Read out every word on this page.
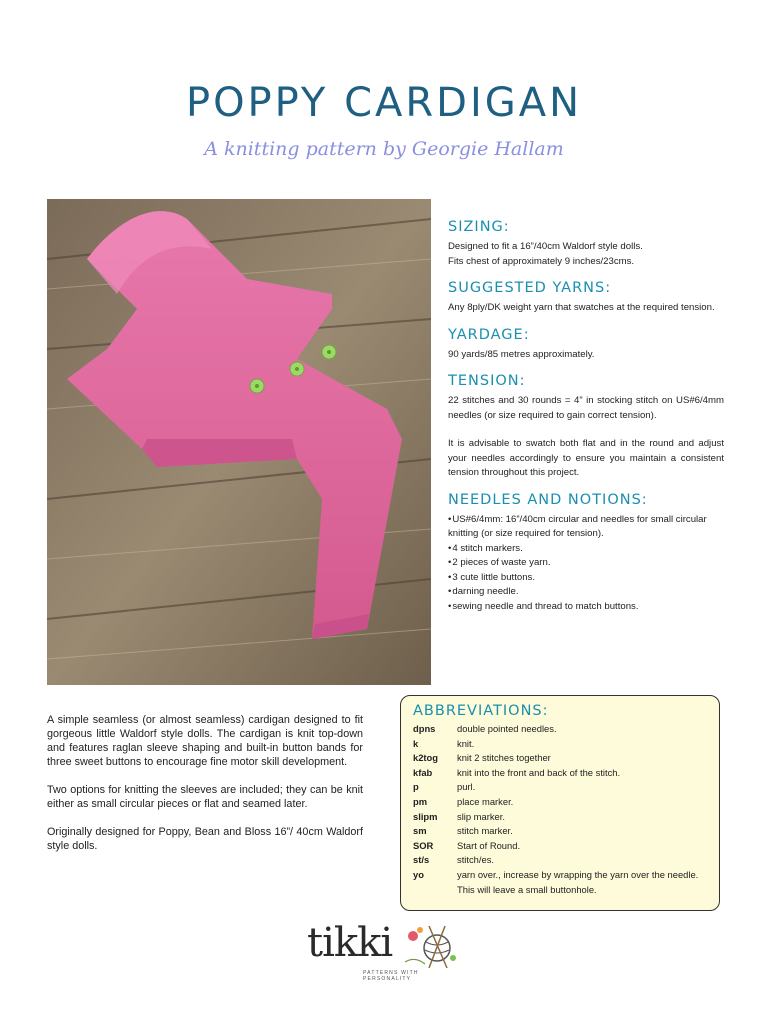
POPPY CARDIGAN
A knitting pattern by Georgie Hallam
SIZING:

Designed to fit a 16”/40cm Waldorf style dolls.
Fits chest of approximately 9 inches/23cms.

SUGGESTED YARNS:

Any 8ply/DK weight yarn that swatches at the required tension.

YARDAGE:

90 yards/85 metres approximately.

TENSION:

22 stitches and 30 rounds = 4” in stocking stitch on US#6/4mm needles (or size required to gain correct tension).

It is advisable to swatch both flat and in the round and adjust your needles accordingly to ensure you maintain a consistent tension throughout this project.

NEEDLES AND NOTIONS:
• US#6/4mm: 16”/40cm circular and needles for small circular knitting (or size required for tension).
• 4 stitch markers.
• 2 pieces of waste yarn.
• 3 cute little buttons.
• darning needle.
• sewing needle and thread to match buttons.

A simple seamless (or almost seamless) cardigan designed to fit gorgeous little Waldorf style dolls. The cardigan is knit top-down and features raglan sleeve shaping and built-in button bands for three sweet buttons to encourage fine motor skill development.

Two options for knitting the sleeves are included; they can be knit either as small circular pieces or flat and seamed later.

Originally designed for Poppy, Bean and Bloss 16”/ 40cm Waldorf style dolls.

ABBREVIATIONS:
dpns	double pointed needles.
k	knit.
k2tog	knit 2 stitches together
kfab	knit into the front and back of the stitch.
p	purl.
pm	place marker.
slipm	slip marker.
sm	stitch marker.
SOR	Start of Round.
st/s	stitch/es.
yo	yarn over., increase by wrapping the yarn over the needle. This will leave a small buttonhole.
tikki
PATTERNS WITH PERSONALITY
